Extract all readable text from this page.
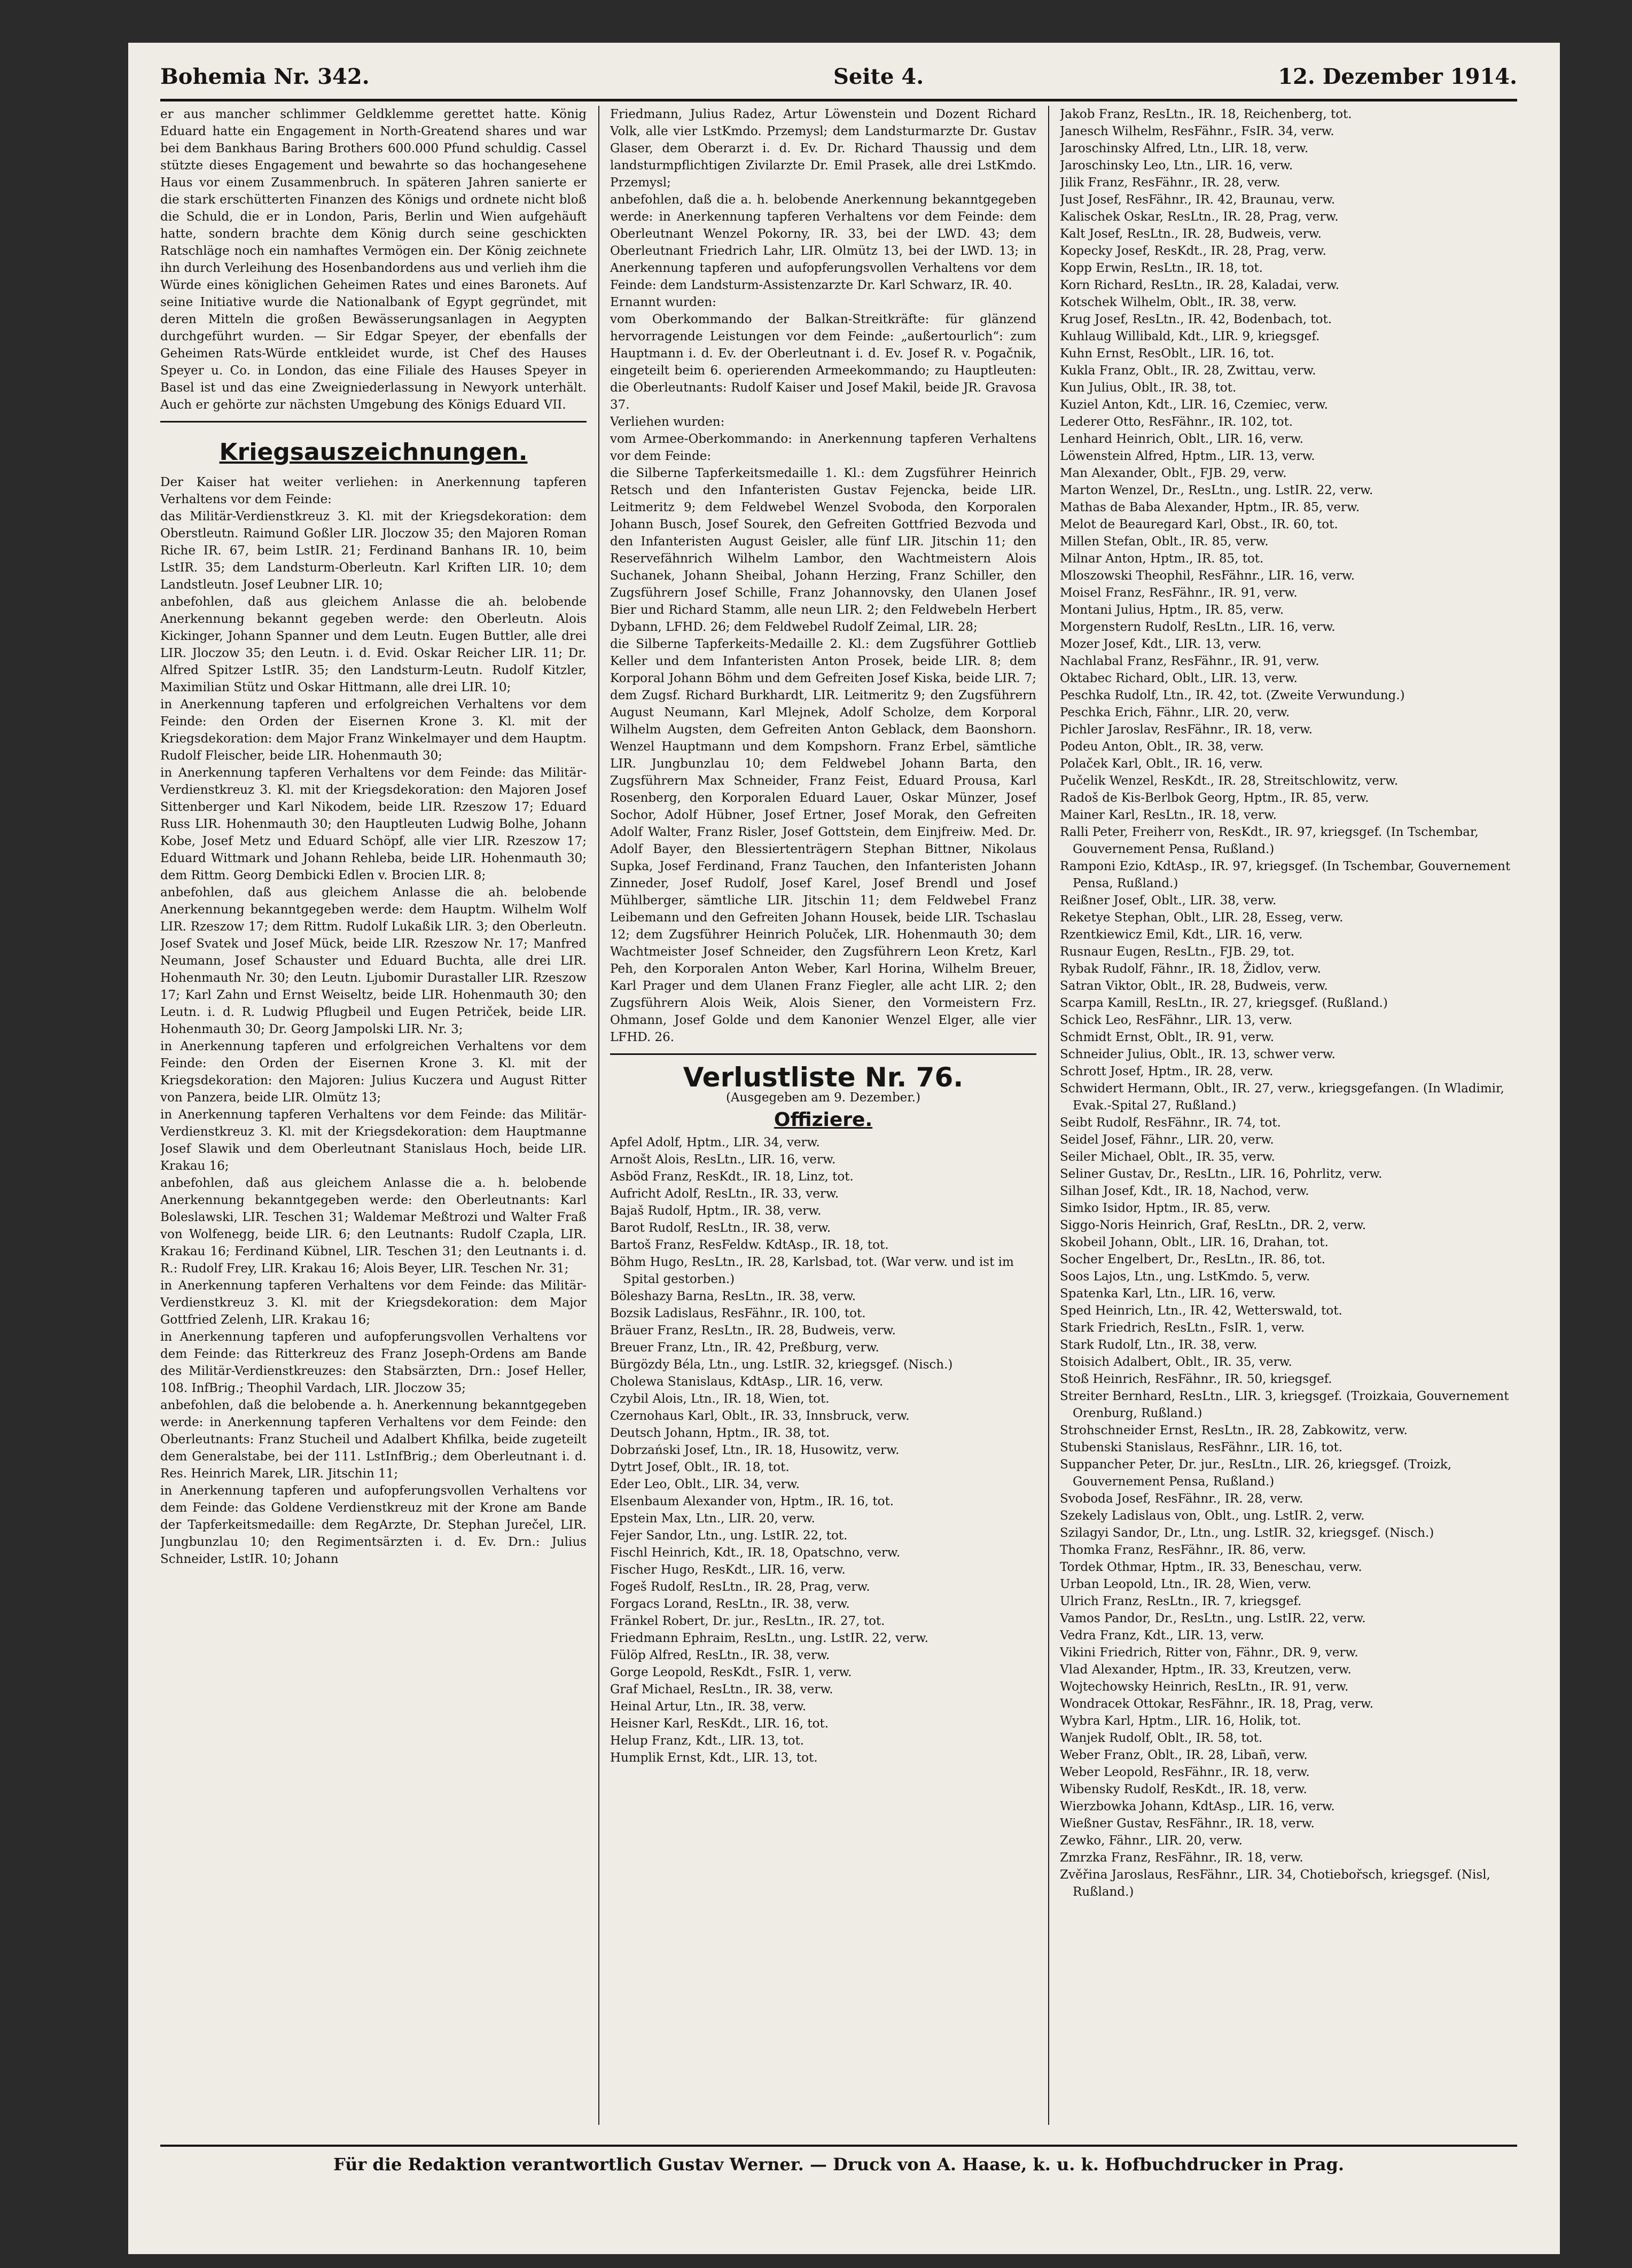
Bohemia Nr. 342.	Seite 4.	12. Dezember 1914.

er aus mancher schlimmer Geldklemme gerettet hatte. König Eduard hatte ein Engagement in North-Greatend shares und war bei dem Bankhaus Baring Brothers 600.000 Pfund schuldig. Cassel stützte dieses Engagement und bewahrte so das hochangesehene Haus vor einem Zusammenbruch. In späteren Jahren sanierte er die stark erschütterten Finanzen des Königs und ordnete nicht bloß die Schuld, die er in London, Paris, Berlin und Wien aufgehäuft hatte, sondern brachte dem König durch seine geschickten Ratschläge noch ein namhaftes Vermögen ein. Der König zeichnete ihn durch Verleihung des Hosenbandordens aus und verlieh ihm die Würde eines königlichen Geheimen Rates und eines Baronets. Auf seine Initiative wurde die Nationalbank of Egypt gegründet, mit deren Mitteln die großen Bewässerungsanlagen in Aegypten durchgeführt wurden. — Sir Edgar Speyer, der ebenfalls der Geheimen Rats-Würde entkleidet wurde, ist Chef des Hauses Speyer u. Co. in London, das eine Filiale des Hauses Speyer in Basel ist und das eine Zweigniederlassung in Newyork unterhält. Auch er gehörte zur nächsten Umgebung des Königs Eduard VII.

Kriegsauszeichnungen.

Der Kaiser hat weiter verliehen: in Anerkennung tapferen Verhaltens vor dem Feinde:

das Militär-Verdienstkreuz 3. Kl. mit der Kriegsdekoration: dem Oberstleutn. Raimund Goßler LIR. Jloczow 35; den Majoren Roman Riche IR. 67, beim LstIR. 21; Ferdinand Banhans IR. 10, beim LstIR. 35; dem Landsturm-Oberleutn. Karl Kriften LIR. 10; dem Landstleutn. Josef Leubner LIR. 10;

anbefohlen, daß aus gleichem Anlasse die ah. belobende Anerkennung bekannt gegeben werde: den Oberleutn. Alois Kickinger, Johann Spanner und dem Leutn. Eugen Buttler, alle drei LIR. Jloczow 35; den Leutn. i. d. Evid. Oskar Reicher LIR. 11; Dr. Alfred Spitzer LstIR. 35; den Landsturm-Leutn. Rudolf Kitzler, Maximilian Stütz und Oskar Hittmann, alle drei LIR. 10;

in Anerkennung tapferen und erfolgreichen Verhaltens vor dem Feinde: den Orden der Eisernen Krone 3. Kl. mit der Kriegsdekoration: dem Major Franz Winkelmayer und dem Hauptm. Rudolf Fleischer, beide LIR. Hohenmauth 30;

in Anerkennung tapferen Verhaltens vor dem Feinde: das Militär-Verdienstkreuz 3. Kl. mit der Kriegsdekoration: den Majoren Josef Sittenberger und Karl Nikodem, beide LIR. Rzeszow 17; Eduard Russ LIR. Hohenmauth 30; den Hauptleuten Ludwig Bolhe, Johann Kobe, Josef Metz und Eduard Schöpf, alle vier LIR. Rzeszow 17; Eduard Wittmark und Johann Rehleba, beide LIR. Hohenmauth 30; dem Rittm. Georg Dembicki Edlen v. Brocien LIR. 8;

anbefohlen, daß aus gleichem Anlasse die ah. belobende Anerkennung bekanntgegeben werde: dem Hauptm. Wilhelm Wolf LIR. Rzeszow 17; dem Rittm. Rudolf Lukaßik LIR. 3; den Oberleutn. Josef Svatek und Josef Mück, beide LIR. Rzeszow Nr. 17; Manfred Neumann, Josef Schauster und Eduard Buchta, alle drei LIR. Hohenmauth Nr. 30; den Leutn. Ljubomir Durastaller LIR. Rzeszow 17; Karl Zahn und Ernst Weiseltz, beide LIR. Hohenmauth 30; den Leutn. i. d. R. Ludwig Pflugbeil und Eugen Petriček, beide LIR. Hohenmauth 30; Dr. Georg Jampolski LIR. Nr. 3;

in Anerkennung tapferen und erfolgreichen Verhaltens vor dem Feinde: den Orden der Eisernen Krone 3. Kl. mit der Kriegsdekoration: den Majoren: Julius Kuczera und August Ritter von Panzera, beide LIR. Olmütz 13;

in Anerkennung tapferen Verhaltens vor dem Feinde: das Militär-Verdienstkreuz 3. Kl. mit der Kriegsdekoration: dem Hauptmanne Josef Slawik und dem Oberleutnant Stanislaus Hoch, beide LIR. Krakau 16;

anbefohlen, daß aus gleichem Anlasse die a. h. belobende Anerkennung bekanntgegeben werde: den Oberleutnants: Karl Boleslawski, LIR. Teschen 31; Waldemar Meßtrozi und Walter Fraß von Wolfenegg, beide LIR. 6; den Leutnants: Rudolf Czapla, LIR. Krakau 16; Ferdinand Kübnel, LIR. Teschen 31; den Leutnants i. d. R.: Rudolf Frey, LIR. Krakau 16; Alois Beyer, LIR. Teschen Nr. 31;

in Anerkennung tapferen Verhaltens vor dem Feinde: das Militär-Verdienstkreuz 3. Kl. mit der Kriegsdekoration: dem Major Gottfried Zelenh, LIR. Krakau 16;

in Anerkennung tapferen und aufopferungsvollen Verhaltens vor dem Feinde: das Ritterkreuz des Franz Joseph-Ordens am Bande des Militär-Verdienstkreuzes: den Stabsärzten, Drn.: Josef Heller, 108. InfBrig.; Theophil Vardach, LIR. Jloczow 35;

anbefohlen, daß die belobende a. h. Anerkennung bekanntgegeben werde: in Anerkennung tapferen Verhaltens vor dem Feinde: den Oberleutnants: Franz Stucheil und Adalbert Khfilka, beide zugeteilt dem Generalstabe, bei der 111. LstInfBrig.; dem Oberleutnant i. d. Res. Heinrich Marek, LIR. Jitschin 11;

in Anerkennung tapferen und aufopferungsvollen Verhaltens vor dem Feinde: das Goldene Verdienstkreuz mit der Krone am Bande der Tapferkeitsmedaille: dem RegArzte, Dr. Stephan Jurečel, LIR. Jungbunzlau 10; den Regimentsärzten i. d. Ev. Drn.: Julius Schneider, LstIR. 10; Johann

Friedmann, Julius Radez, Artur Löwenstein und Dozent Richard Volk, alle vier LstKmdo. Przemysl; dem Landsturmarzte Dr. Gustav Glaser, dem Oberarzt i. d. Ev. Dr. Richard Thaussig und dem landsturmpflichtigen Zivilarzte Dr. Emil Prasek, alle drei LstKmdo. Przemysl;

anbefohlen, daß die a. h. belobende Anerkennung bekanntgegeben werde: in Anerkennung tapferen Verhaltens vor dem Feinde: dem Oberleutnant Wenzel Pokorny, IR. 33, bei der LWD. 43; dem Oberleutnant Friedrich Lahr, LIR. Olmütz 13, bei der LWD. 13; in Anerkennung tapferen und aufopferungsvollen Verhaltens vor dem Feinde: dem Landsturm-Assistenzarzte Dr. Karl Schwarz, IR. 40.

Ernannt wurden:

vom Oberkommando der Balkan-Streitkräfte: für glänzend hervorragende Leistungen vor dem Feinde: „außertourlich“: zum Hauptmann i. d. Ev. der Oberleutnant i. d. Ev. Josef R. v. Pogačnik, eingeteilt beim 6. operierenden Armeekommando; zu Hauptleuten: die Oberleutnants: Rudolf Kaiser und Josef Makil, beide JR. Gravosa 37.

Verliehen wurden:

vom Armee-Oberkommando: in Anerkennung tapferen Verhaltens vor dem Feinde:

die Silberne Tapferkeitsmedaille 1. Kl.: dem Zugsführer Heinrich Retsch und den Infanteristen Gustav Fejencka, beide LIR. Leitmeritz 9; dem Feldwebel Wenzel Svoboda, den Korporalen Johann Busch, Josef Sourek, den Gefreiten Gottfried Bezvoda und den Infanteristen August Geisler, alle fünf LIR. Jitschin 11; den Reservefähnrich Wilhelm Lambor, den Wachtmeistern Alois Suchanek, Johann Sheibal, Johann Herzing, Franz Schiller, den Zugsführern Josef Schille, Franz Johannovsky, den Ulanen Josef Bier und Richard Stamm, alle neun LIR. 2; den Feldwebeln Herbert Dybann, LFHD. 26; dem Feldwebel Rudolf Zeimal, LIR. 28;

die Silberne Tapferkeits-Medaille 2. Kl.: dem Zugsführer Gottlieb Keller und dem Infanteristen Anton Prosek, beide LIR. 8; dem Korporal Johann Böhm und dem Gefreiten Josef Kiska, beide LIR. 7; dem Zugsf. Richard Burkhardt, LIR. Leitmeritz 9; den Zugsführern August Neumann, Karl Mlejnek, Adolf Scholze, dem Korporal Wilhelm Augsten, dem Gefreiten Anton Geblack, dem Baonshorn. Wenzel Hauptmann und dem Kompshorn. Franz Erbel, sämtliche LIR. Jungbunzlau 10; dem Feldwebel Johann Barta, den Zugsführern Max Schneider, Franz Feist, Eduard Prousa, Karl Rosenberg, den Korporalen Eduard Lauer, Oskar Münzer, Josef Sochor, Adolf Hübner, Josef Ertner, Josef Morak, den Gefreiten Adolf Walter, Franz Risler, Josef Gottstein, dem Einjfreiw. Med. Dr. Adolf Bayer, den Blessiertenträgern Stephan Bittner, Nikolaus Supka, Josef Ferdinand, Franz Tauchen, den Infanteristen Johann Zinneder, Josef Rudolf, Josef Karel, Josef Brendl und Josef Mühlberger, sämtliche LIR. Jitschin 11; dem Feldwebel Franz Leibemann und den Gefreiten Johann Housek, beide LIR. Tschaslau 12; dem Zugsführer Heinrich Poluček, LIR. Hohenmauth 30; dem Wachtmeister Josef Schneider, den Zugsführern Leon Kretz, Karl Peh, den Korporalen Anton Weber, Karl Horina, Wilhelm Breuer, Karl Prager und dem Ulanen Franz Fiegler, alle acht LIR. 2; den Zugsführern Alois Weik, Alois Siener, den Vormeistern Frz. Ohmann, Josef Golde und dem Kanonier Wenzel Elger, alle vier LFHD. 26.

Verlustliste Nr. 76.
(Ausgegeben am 9. Dezember.)
Offiziere.
Apfel Adolf, Hptm., LIR. 34, verw.
Arnošt Alois, ResLtn., LIR. 16, verw.
Asböd Franz, ResKdt., IR. 18, Linz, tot.
Aufricht Adolf, ResLtn., IR. 33, verw.
Bajaš Rudolf, Hptm., IR. 38, verw.
Barot Rudolf, ResLtn., IR. 38, verw.
Bartoš Franz, ResFeldw. KdtAsp., IR. 18, tot.
Böhm Hugo, ResLtn., IR. 28, Karlsbad, tot. (War verw. und ist im Spital gestorben.)
Böleshazy Barna, ResLtn., IR. 38, verw.
Bozsik Ladislaus, ResFähnr., IR. 100, tot.
Bräuer Franz, ResLtn., IR. 28, Budweis, verw.
Breuer Franz, Ltn., IR. 42, Preßburg, verw.
Bürgözdy Béla, Ltn., ung. LstIR. 32, kriegsgef. (Nisch.)
Cholewa Stanislaus, KdtAsp., LIR. 16, verw.
Czybil Alois, Ltn., IR. 18, Wien, tot.
Czernohaus Karl, Oblt., IR. 33, Innsbruck, verw.
Deutsch Johann, Hptm., IR. 38, tot.
Dobrzański Josef, Ltn., IR. 18, Husowitz, verw.
Dytrt Josef, Oblt., IR. 18, tot.
Eder Leo, Oblt., LIR. 34, verw.
Elsenbaum Alexander von, Hptm., IR. 16, tot.
Epstein Max, Ltn., LIR. 20, verw.
Fejer Sandor, Ltn., ung. LstIR. 22, tot.
Fischl Heinrich, Kdt., IR. 18, Opatschno, verw.
Fischer Hugo, ResKdt., LIR. 16, verw.
Fogeš Rudolf, ResLtn., IR. 28, Prag, verw.
Forgacs Lorand, ResLtn., IR. 38, verw.
Fränkel Robert, Dr. jur., ResLtn., IR. 27, tot.
Friedmann Ephraim, ResLtn., ung. LstIR. 22, verw.
Fülöp Alfred, ResLtn., IR. 38, verw.
Gorge Leopold, ResKdt., FsIR. 1, verw.
Graf Michael, ResLtn., IR. 38, verw.
Heinal Artur, Ltn., IR. 38, verw.
Heisner Karl, ResKdt., LIR. 16, tot.
Helup Franz, Kdt., LIR. 13, tot.
Humplik Ernst, Kdt., LIR. 13, tot.
Jakob Franz, ResLtn., IR. 18, Reichenberg, tot.
Janesch Wilhelm, ResFähnr., FsIR. 34, verw.
Jaroschinsky Alfred, Ltn., LIR. 18, verw.
Jaroschinsky Leo, Ltn., LIR. 16, verw.
Jilik Franz, ResFähnr., IR. 28, verw.
Just Josef, ResFähnr., IR. 42, Braunau, verw.
Kalischek Oskar, ResLtn., IR. 28, Prag, verw.
Kalt Josef, ResLtn., IR. 28, Budweis, verw.
Kopecky Josef, ResKdt., IR. 28, Prag, verw.
Kopp Erwin, ResLtn., IR. 18, tot.
Korn Richard, ResLtn., IR. 28, Kaladai, verw.
Kotschek Wilhelm, Oblt., IR. 38, verw.
Krug Josef, ResLtn., IR. 42, Bodenbach, tot.
Kuhlaug Willibald, Kdt., LIR. 9, kriegsgef.
Kuhn Ernst, ResOblt., LIR. 16, tot.
Kukla Franz, Oblt., IR. 28, Zwittau, verw.
Kun Julius, Oblt., IR. 38, tot.
Kuziel Anton, Kdt., LIR. 16, Czemiec, verw.
Lederer Otto, ResFähnr., IR. 102, tot.
Lenhard Heinrich, Oblt., LIR. 16, verw.
Löwenstein Alfred, Hptm., LIR. 13, verw.
Man Alexander, Oblt., FJB. 29, verw.
Marton Wenzel, Dr., ResLtn., ung. LstIR. 22, verw.
Mathas de Baba Alexander, Hptm., IR. 85, verw.
Melot de Beauregard Karl, Obst., IR. 60, tot.
Millen Stefan, Oblt., IR. 85, verw.
Milnar Anton, Hptm., IR. 85, tot.
Mloszowski Theophil, ResFähnr., LIR. 16, verw.
Moisel Franz, ResFähnr., IR. 91, verw.
Montani Julius, Hptm., IR. 85, verw.
Morgenstern Rudolf, ResLtn., LIR. 16, verw.
Mozer Josef, Kdt., LIR. 13, verw.
Nachlabal Franz, ResFähnr., IR. 91, verw.
Oktabec Richard, Oblt., LIR. 13, verw.
Peschka Rudolf, Ltn., IR. 42, tot. (Zweite Verwundung.)
Peschka Erich, Fähnr., LIR. 20, verw.
Pichler Jaroslav, ResFähnr., IR. 18, verw.
Podeu Anton, Oblt., IR. 38, verw.
Polaček Karl, Oblt., IR. 16, verw.
Pučelik Wenzel, ResKdt., IR. 28, Streitschlowitz, verw.
Radoš de Kis-Berlbok Georg, Hptm., IR. 85, verw.
Mainer Karl, ResLtn., IR. 18, verw.
Ralli Peter, Freiherr von, ResKdt., IR. 97, kriegsgef. (In Tschembar, Gouvernement Pensa, Rußland.)
Ramponi Ezio, KdtAsp., IR. 97, kriegsgef. (In Tschembar, Gouvernement Pensa, Rußland.)
Reißner Josef, Oblt., LIR. 38, verw.
Reketye Stephan, Oblt., LIR. 28, Esseg, verw.
Rzentkiewicz Emil, Kdt., LIR. 16, verw.
Rusnaur Eugen, ResLtn., FJB. 29, tot.
Rybak Rudolf, Fähnr., IR. 18, Židlov, verw.
Satran Viktor, Oblt., IR. 28, Budweis, verw.
Scarpa Kamill, ResLtn., IR. 27, kriegsgef. (Rußland.)
Schick Leo, ResFähnr., LIR. 13, verw.
Schmidt Ernst, Oblt., IR. 91, verw.
Schneider Julius, Oblt., IR. 13, schwer verw.
Schrott Josef, Hptm., IR. 28, verw.
Schwidert Hermann, Oblt., IR. 27, verw., kriegsgefangen. (In Wladimir, Evak.-Spital 27, Rußland.)
Seibt Rudolf, ResFähnr., IR. 74, tot.
Seidel Josef, Fähnr., LIR. 20, verw.
Seiler Michael, Oblt., IR. 35, verw.
Seliner Gustav, Dr., ResLtn., LIR. 16, Pohrlitz, verw.
Silhan Josef, Kdt., IR. 18, Nachod, verw.
Simko Isidor, Hptm., IR. 85, verw.
Siggo-Noris Heinrich, Graf, ResLtn., DR. 2, verw.
Skobeil Johann, Oblt., LIR. 16, Drahan, tot.
Socher Engelbert, Dr., ResLtn., IR. 86, tot.
Soos Lajos, Ltn., ung. LstKmdo. 5, verw.
Spatenka Karl, Ltn., LIR. 16, verw.
Sped Heinrich, Ltn., IR. 42, Wetterswald, tot.
Stark Friedrich, ResLtn., FsIR. 1, verw.
Stark Rudolf, Ltn., IR. 38, verw.
Stoisich Adalbert, Oblt., IR. 35, verw.
Stoß Heinrich, ResFähnr., IR. 50, kriegsgef.
Streiter Bernhard, ResLtn., LIR. 3, kriegsgef. (Troizkaia, Gouvernement Orenburg, Rußland.)
Strohschneider Ernst, ResLtn., IR. 28, Zabkowitz, verw.
Stubenski Stanislaus, ResFähnr., LIR. 16, tot.
Suppancher Peter, Dr. jur., ResLtn., LIR. 26, kriegsgef. (Troizk, Gouvernement Pensa, Rußland.)
Svoboda Josef, ResFähnr., IR. 28, verw.
Szekely Ladislaus von, Oblt., ung. LstIR. 2, verw.
Szilagyi Sandor, Dr., Ltn., ung. LstIR. 32, kriegsgef. (Nisch.)
Thomka Franz, ResFähnr., IR. 86, verw.
Tordek Othmar, Hptm., IR. 33, Beneschau, verw.
Urban Leopold, Ltn., IR. 28, Wien, verw.
Ulrich Franz, ResLtn., IR. 7, kriegsgef.
Vamos Pandor, Dr., ResLtn., ung. LstIR. 22, verw.
Vedra Franz, Kdt., LIR. 13, verw.
Vikini Friedrich, Ritter von, Fähnr., DR. 9, verw.
Vlad Alexander, Hptm., IR. 33, Kreutzen, verw.
Wojtechowsky Heinrich, ResLtn., IR. 91, verw.
Wondracek Ottokar, ResFähnr., IR. 18, Prag, verw.
Wybra Karl, Hptm., LIR. 16, Holik, tot.
Wanjek Rudolf, Oblt., IR. 58, tot.
Weber Franz, Oblt., IR. 28, Libañ, verw.
Weber Leopold, ResFähnr., IR. 18, verw.
Wibensky Rudolf, ResKdt., IR. 18, verw.
Wierzbowka Johann, KdtAsp., LIR. 16, verw.
Wießner Gustav, ResFähnr., IR. 18, verw.
Zewko, Fähnr., LIR. 20, verw.
Zmrzka Franz, ResFähnr., IR. 18, verw.
Zvěřina Jaroslaus, ResFähnr., LIR. 34, Chotiebořsch, kriegsgef. (Nisl, Rußland.)
Für die Redaktion verantwortlich Gustav Werner. — Druck von A. Haase, k. u. k. Hofbuchdrucker in Prag.
